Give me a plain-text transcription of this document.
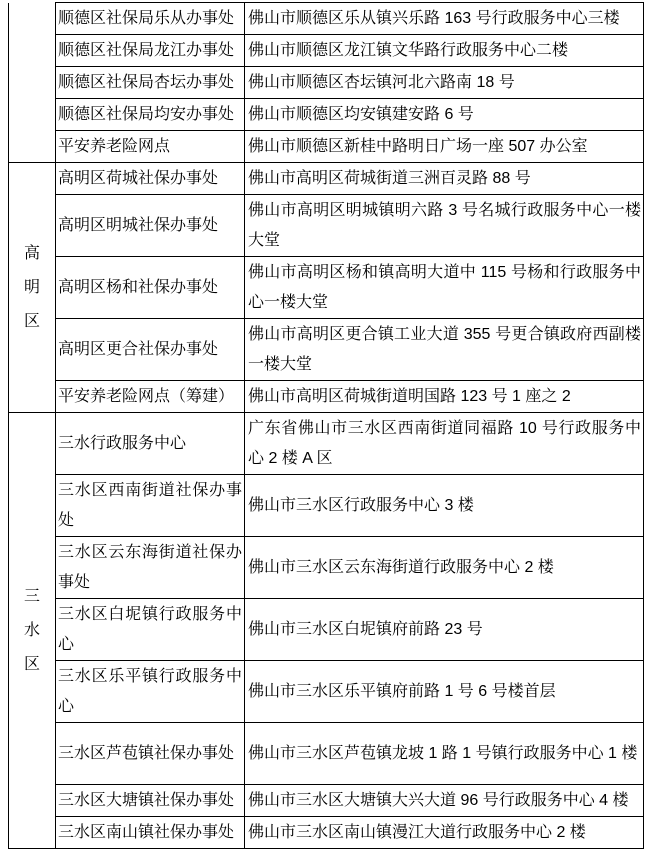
	顺德区社保局乐从办事处	佛山市顺德区乐从镇兴乐路 163 号行政服务中心三楼
	顺德区社保局龙江办事处	佛山市顺德区龙江镇文华路行政服务中心二楼
	顺德区社保局杏坛办事处	佛山市顺德区杏坛镇河北六路南 18 号
	顺德区社保局均安办事处	佛山市顺德区均安镇建安路 6 号
	平安养老险网点	佛山市顺德区新桂中路明日广场一座 507 办公室

高明区	高明区荷城社保办事处	佛山市高明区荷城街道三洲百灵路 88 号
	高明区明城社保办事处	佛山市高明区明城镇明六路 3 号名城行政服务中心一楼大堂
	高明区杨和社保办事处	佛山市高明区杨和镇高明大道中 115 号杨和行政服务中心一楼大堂
	高明区更合社保办事处	佛山市高明区更合镇工业大道 355 号更合镇政府西副楼一楼大堂
	平安养老险网点（筹建）	佛山市高明区荷城街道明国路 123 号 1 座之 2

三水区	三水行政服务中心	广东省佛山市三水区西南街道同福路 10 号行政服务中心 2 楼 A 区
	三水区西南街道社保办事处	佛山市三水区行政服务中心 3 楼
	三水区云东海街道社保办事处	佛山市三水区云东海街道行政服务中心 2 楼
	三水区白坭镇行政服务中心	佛山市三水区白坭镇府前路 23 号
	三水区乐平镇行政服务中心	佛山市三水区乐平镇府前路 1 号 6 号楼首层
	三水区芦苞镇社保办事处	佛山市三水区芦苞镇龙坡 1 路 1 号镇行政服务中心 1 楼
	三水区大塘镇社保办事处	佛山市三水区大塘镇大兴大道 96 号行政服务中心 4 楼
	三水区南山镇社保办事处	佛山市三水区南山镇漫江大道行政服务中心 2 楼
